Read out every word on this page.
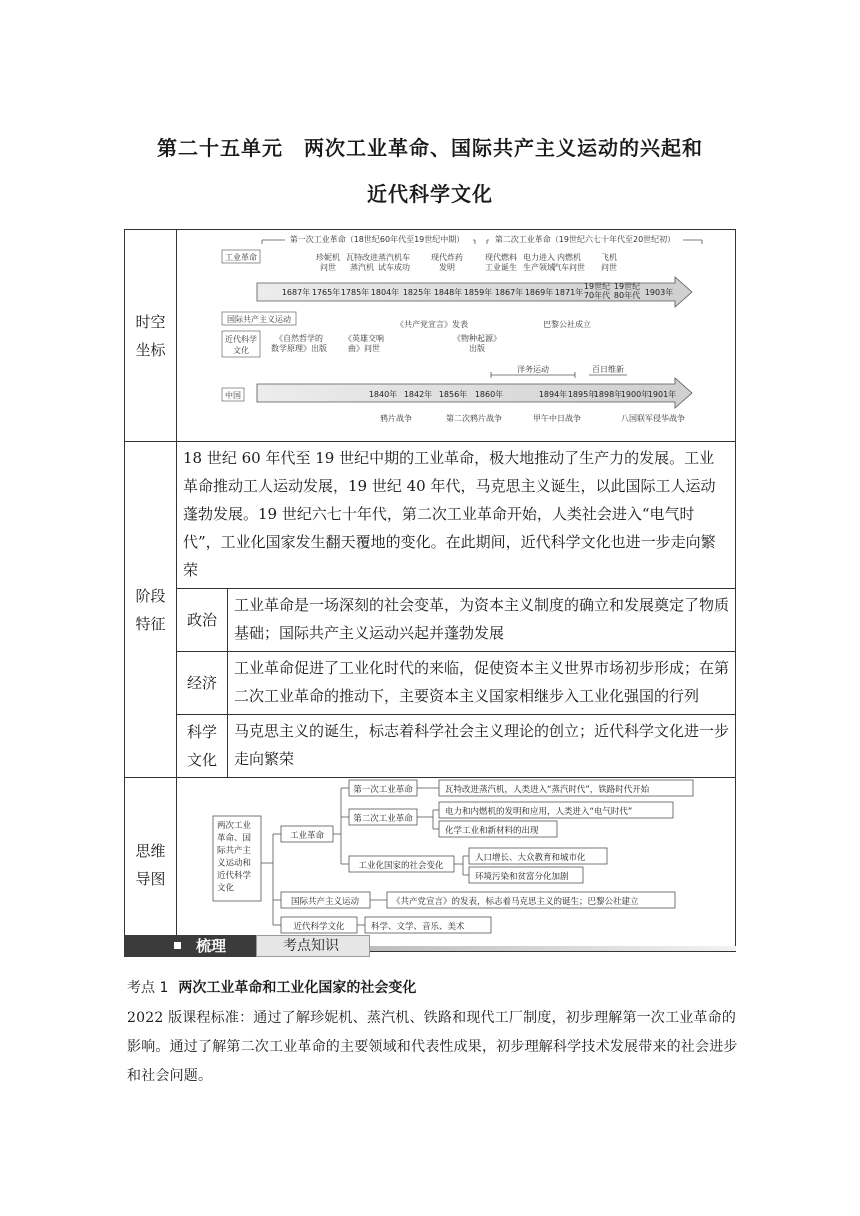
第二十五单元　两次工业革命、国际共产主义运动的兴起和
近代科学文化
时空
坐标	
第一次工业革命（18世纪60年代至19世纪中期）	第二次工业革命（19世纪六七十年代至20世纪初）
工业革命
国际共产主义运动
近代科学文化
中国
1687年 1765年 1785年 1804年 1825年 1848年 1859年 1867年 1869年 1871年
19世纪 70年代
19世纪 80年代 1903年
珍妮机问世
瓦特改进蒸汽机
蒸汽机车试车成功
现代炸药发明
现代燃料工业诞生
电力进入生产领域
内燃机汽车问世
飞机问世
《自然哲学的数学原理》出版
《英雄交响曲》问世
《共产党宣言》发表
《物种起源》出版
巴黎公社成立
1840年 1842年 1856年 1860年	1894年 1895年
1898年
1900年
1901年
洋务运动	百日维新
鸦片战争	第二次鸦片战争	甲午中日战争	八国联军侵华战争

阶段
特征	
18 世纪 60 年代至 19 世纪中期的工业革命，极大地推动了生产力的发展。工业革命推动工人运动发展，19 世纪 40 年代，马克思主义诞生，以此国际工人运动蓬勃发展。19 世纪六七十年代，第二次工业革命开始，人类社会进入“电气时代”，工业化国家发生翻天覆地的变化。在此期间，近代科学文化也进一步走向繁荣
政治	工业革命是一场深刻的社会变革，为资本主义制度的确立和发展奠定了物质基础；国际共产主义运动兴起并蓬勃发展
经济	工业革命促进了工业化时代的来临，促使资本主义世界市场初步形成；在第二次工业革命的推动下，主要资本主义国家相继步入工业化强国的行列
科学
文化	马克思主义的诞生，标志着科学社会主义理论的创立；近代科学文化进一步走向繁荣

思维
导图	
两次工业革命、国际共产主义运动和近代科学文化
工业革命
第一次工业革命	瓦特改进蒸汽机，人类进入“蒸汽时代”，铁路时代开始
第二次工业革命
电力和内燃机的发明和应用，人类进入“电气时代”
化学工业和新材料的出现
工业化国家的社会变化
人口增长、大众教育和城市化
环境污染和贫富分化加剧
国际共产主义运动	《共产党宣言》的发表，标志着马克思主义的诞生；巴黎公社建立
近代科学文化	科学、文学、音乐、美术
梳理	考点知识
考点 1 两次工业革命和工业化国家的社会变化
2022 版课程标准：通过了解珍妮机、蒸汽机、铁路和现代工厂制度，初步理解第一次工业革命的影响。通过了解第二次工业革命的主要领域和代表性成果，初步理解科学技术发展带来的社会进步和社会问题。
